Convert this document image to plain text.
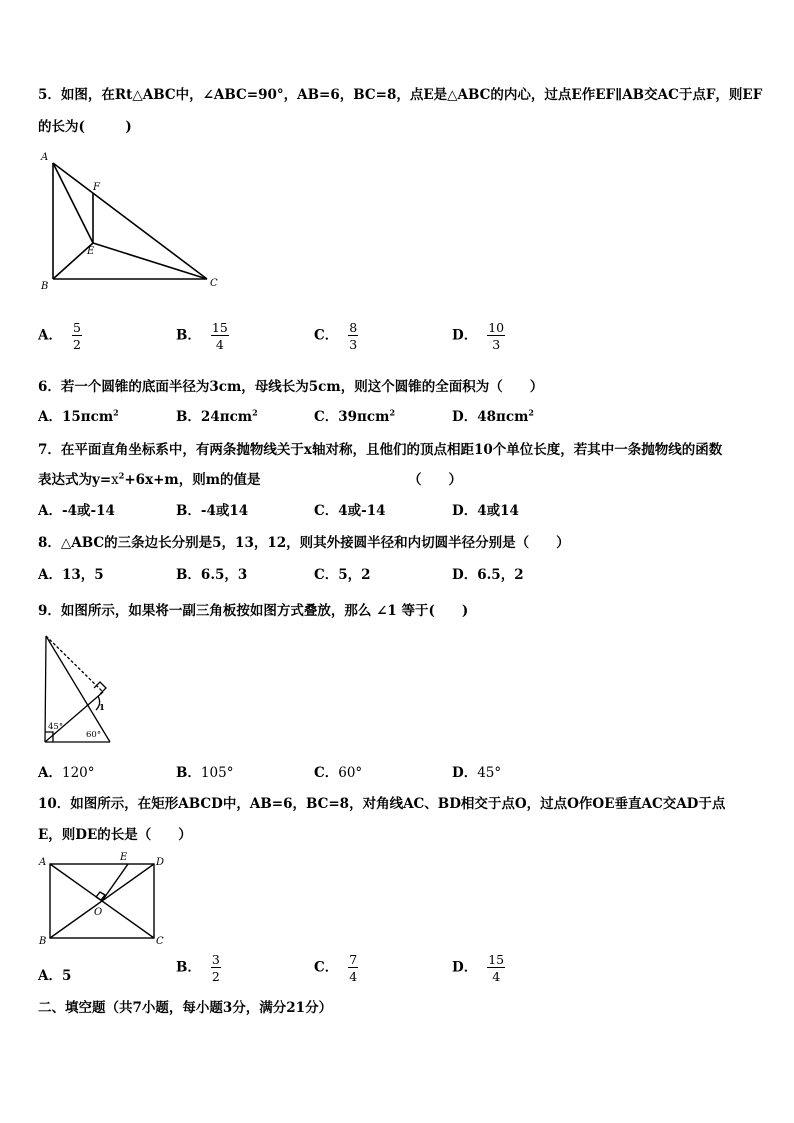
5．如图，在Rt△ABC中，∠ABC=90°，AB=6，BC=8，点E是△ABC的内心，过点E作EF∥AB交AC于点F，则EF
的长为(　　　)
A
B	C
E
F
A． $\frac{5}{2}$	B． $\frac{15}{4}$	C． $\frac{8}{3}$	D． $\frac{10}{3}$
6．若一个圆锥的底面半径为3cm，母线长为5cm，则这个圆锥的全面积为（　　）
A．15πcm$^2$	B．24πcm$^2$	C．39πcm$^2$	D．48πcm$^2$
7．在平面直角坐标系中，有两条抛物线关于x轴对称，且他们的顶点相距10个单位长度，若其中一条抛物线的函数
表达式为$y=x^2+6x+m$，则m的值是	（　　）
A．-4或-14	B．-4或14	C．4或-14	D．4或14
8．△ABC的三条边长分别是5，13，12，则其外接圆半径和内切圆半径分别是（　　）
A．13，5	B．6.5，3	C．5，2	D．6.5，2
9．如图所示，如果将一副三角板按如图方式叠放，那么 ∠1 等于(　　)
45°
60°
1
A．120°	B．105°	C．60°	D．45°
10．如图所示，在矩形ABCD中，AB=6，BC=8，对角线AC、BD相交于点O，过点O作OE垂直AC交AD于点
E，则DE的长是（　　）
A
B	C
D
E
O
A．5
B． $\frac{3}{2}$	C． $\frac{7}{4}$	D． $\frac{15}{4}$
二、填空题（共7小题，每小题3分，满分21分）
